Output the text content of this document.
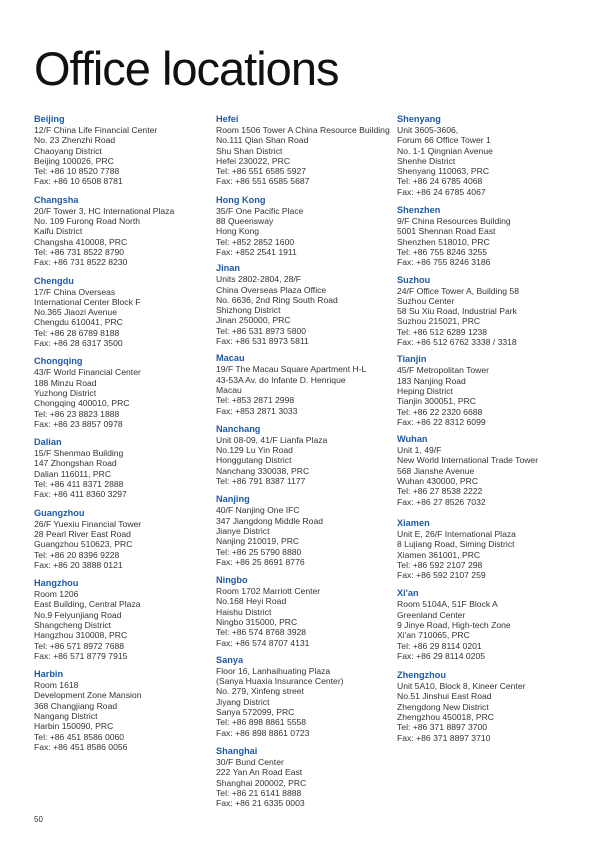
Office locations
Beijing
12/F China Life Financial Center
No. 23 Zhenzhi Road
Chaoyang District
Beijing 100026, PRC
Tel: +86 10 8520 7788
Fax: +86 10 6508 8781
Changsha
20/F Tower 3, HC International Plaza
No. 109 Furong Road North
Kaifu District
Changsha 410008, PRC
Tel: +86 731 8522 8790
Fax: +86 731 8522 8230
Chengdu
17/F China Overseas
International Center Block F
No.365 Jiaozi Avenue
Chengdu 610041, PRC
Tel: +86 28 6789 8188
Fax: +86 28 6317 3500
Chongqing
43/F World Financial Center
188 Minzu Road
Yuzhong District
Chongqing 400010, PRC
Tel: +86 23 8823 1888
Fax: +86 23 8857 0978
Dalian
15/F Shenmao Building
147 Zhongshan Road
Dalian 116011, PRC
Tel: +86 411 8371 2888
Fax: +86 411 8360 3297
Guangzhou
26/F Yuexiu Financial Tower
28 Pearl River East Road
Guangzhou 510623, PRC
Tel: +86 20 8396 9228
Fax: +86 20 3888 0121
Hangzhou
Room 1206
East Building, Central Plaza
No.9 Feiyunjiang Road
Shangcheng District
Hangzhou 310008, PRC
Tel: +86 571 8972 7688
Fax: +86 571 8779 7915
Harbin
Room 1618
Development Zone Mansion
368 Changjiang Road
Nangang District
Harbin 150090, PRC
Tel: +86 451 8586 0060
Fax: +86 451 8586 0056
Hefei
Room 1506 Tower A China Resource Building
No.111 Qian Shan Road
Shu Shan District
Hefei 230022, PRC
Tel: +86 551 6585 5927
Fax: +86 551 6585 5687
Hong Kong
35/F One Pacific Place
88 Queensway
Hong Kong
Tel: +852 2852 1600
Fax: +852 2541 1911
Jinan
Units 2802-2804, 28/F
China Overseas Plaza Office
No. 6636, 2nd Ring South Road
Shizhong District
Jinan 250000, PRC
Tel: +86 531 8973 5800
Fax: +86 531 8973 5811
Macau
19/F The Macau Square Apartment H-L
43-53A Av. do Infante D. Henrique
Macau
Tel: +853 2871 2998
Fax: +853 2871 3033
Nanchang
Unit 08-09, 41/F Lianfa Plaza
No.129 Lu Yin Road
Honggutang District
Nanchang 330038, PRC
Tel: +86 791 8387 1177
Nanjing
40/F Nanjing One IFC
347 Jiangdong Middle Road
Jianye District
Nanjing 210019, PRC
Tel: +86 25 5790 8880
Fax: +86 25 8691 8776
Ningbo
Room 1702 Marriott Center
No.168 Heyi Road
Haishu District
Ningbo 315000, PRC
Tel: +86 574 8768 3928
Fax: +86 574 8707 4131
Sanya
Floor 16, Lanhaihuating Plaza
(Sanya Huaxia Insurance Center)
No. 279, Xinfeng street
Jiyang District
Sanya 572099, PRC
Tel: +86 898 8861 5558
Fax: +86 898 8861 0723
Shanghai
30/F Bund Center
222 Yan An Road East
Shanghai 200002, PRC
Tel: +86 21 6141 8888
Fax: +86 21 6335 0003
Shenyang
Unit 3605-3606,
Forum 66 Office Tower 1
No. 1-1 Qingnian Avenue
Shenhe District
Shenyang 110063, PRC
Tel: +86 24 6785 4068
Fax: +86 24 6785 4067
Shenzhen
9/F China Resources Building
5001 Shennan Road East
Shenzhen 518010, PRC
Tel: +86 755 8246 3255
Fax: +86 755 8246 3186
Suzhou
24/F Office Tower A, Building 58
Suzhou Center
58 Su Xiu Road, Industrial Park
Suzhou 215021, PRC
Tel: +86 512 6289 1238
Fax: +86 512 6762 3338 / 3318
Tianjin
45/F Metropolitan Tower
183 Nanjing Road
Heping District
Tianjin 300051, PRC
Tel: +86 22 2320 6688
Fax: +86 22 8312 6099
Wuhan
Unit 1, 49/F
New World International Trade Tower
568 Jianshe Avenue
Wuhan 430000, PRC
Tel: +86 27 8538 2222
Fax: +86 27 8526 7032
Xiamen
Unit E, 26/F International Plaza
8 Lujiang Road, Siming District
Xiamen 361001, PRC
Tel: +86 592 2107 298
Fax: +86 592 2107 259
Xi'an
Room 5104A, 51F Block A
Greenland Center
9 Jinye Road, High-tech Zone
Xi'an 710065, PRC
Tel: +86 29 8114 0201
Fax: +86 29 8114 0205
Zhengzhou
Unit 5A10, Block 8, Kineer Center
No.51 Jinshui East Road
Zhengdong New District
Zhengzhou 450018, PRC
Tel: +86 371 8897 3700
Fax: +86 371 8897 3710
50
